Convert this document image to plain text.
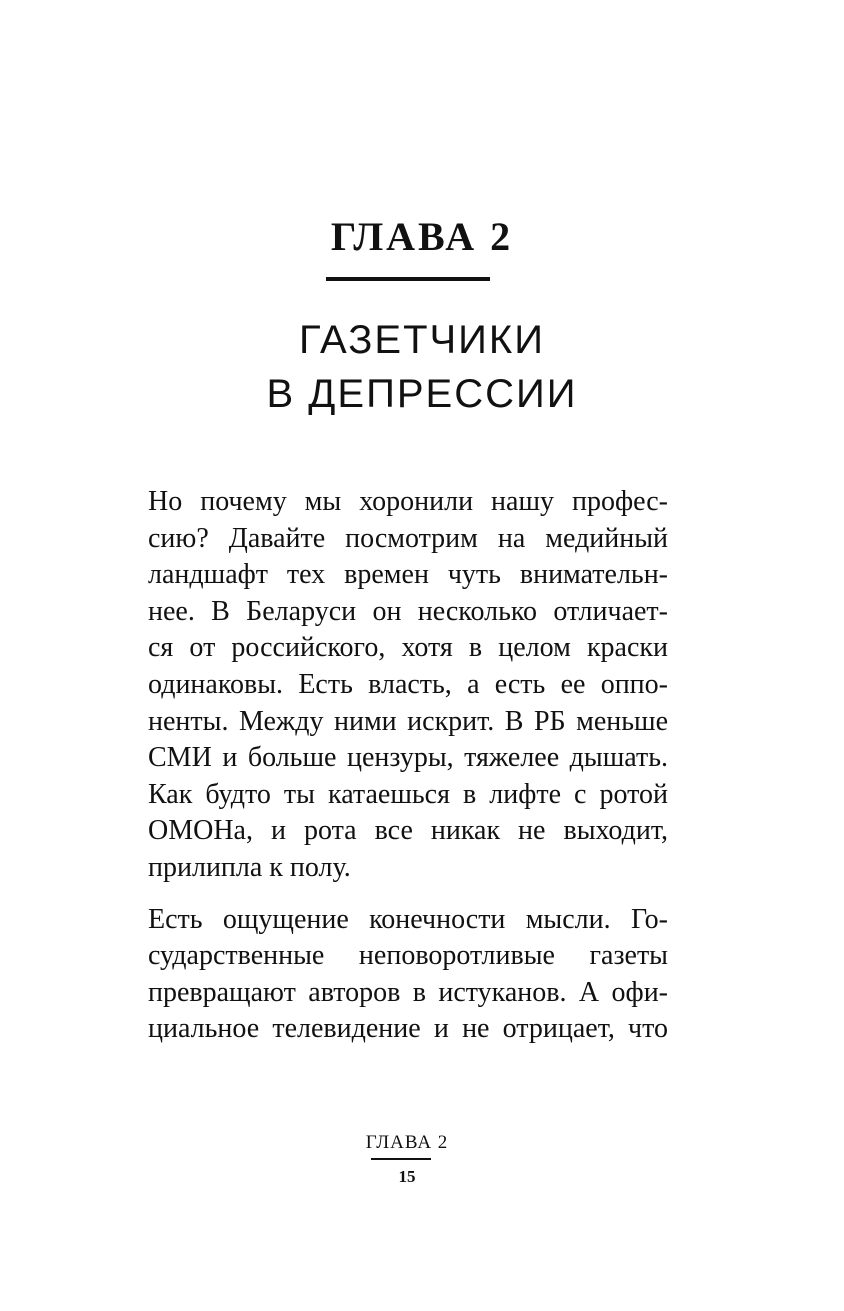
ГЛАВА 2
ГАЗЕТЧИКИ
В ДЕПРЕССИИ
Но почему мы хоронили нашу профес-
сию? Давайте посмотрим на медийный
ландшафт тех времен чуть внимательн-
нее. В Беларуси он несколько отличает-
ся от российского, хотя в целом краски
одинаковы. Есть власть, а есть ее оппо-
ненты. Между ними искрит. В РБ меньше
СМИ и больше цензуры, тяжелее дышать.
Как будто ты катаешься в лифте с ротой
ОМОНа, и рота все никак не выходит,
прилипла к полу.
Есть ощущение конечности мысли. Го-
сударственные неповоротливые газеты
превращают авторов в истуканов. А офи-
циальное телевидение и не отрицает, что
ГЛАВА 2
15
